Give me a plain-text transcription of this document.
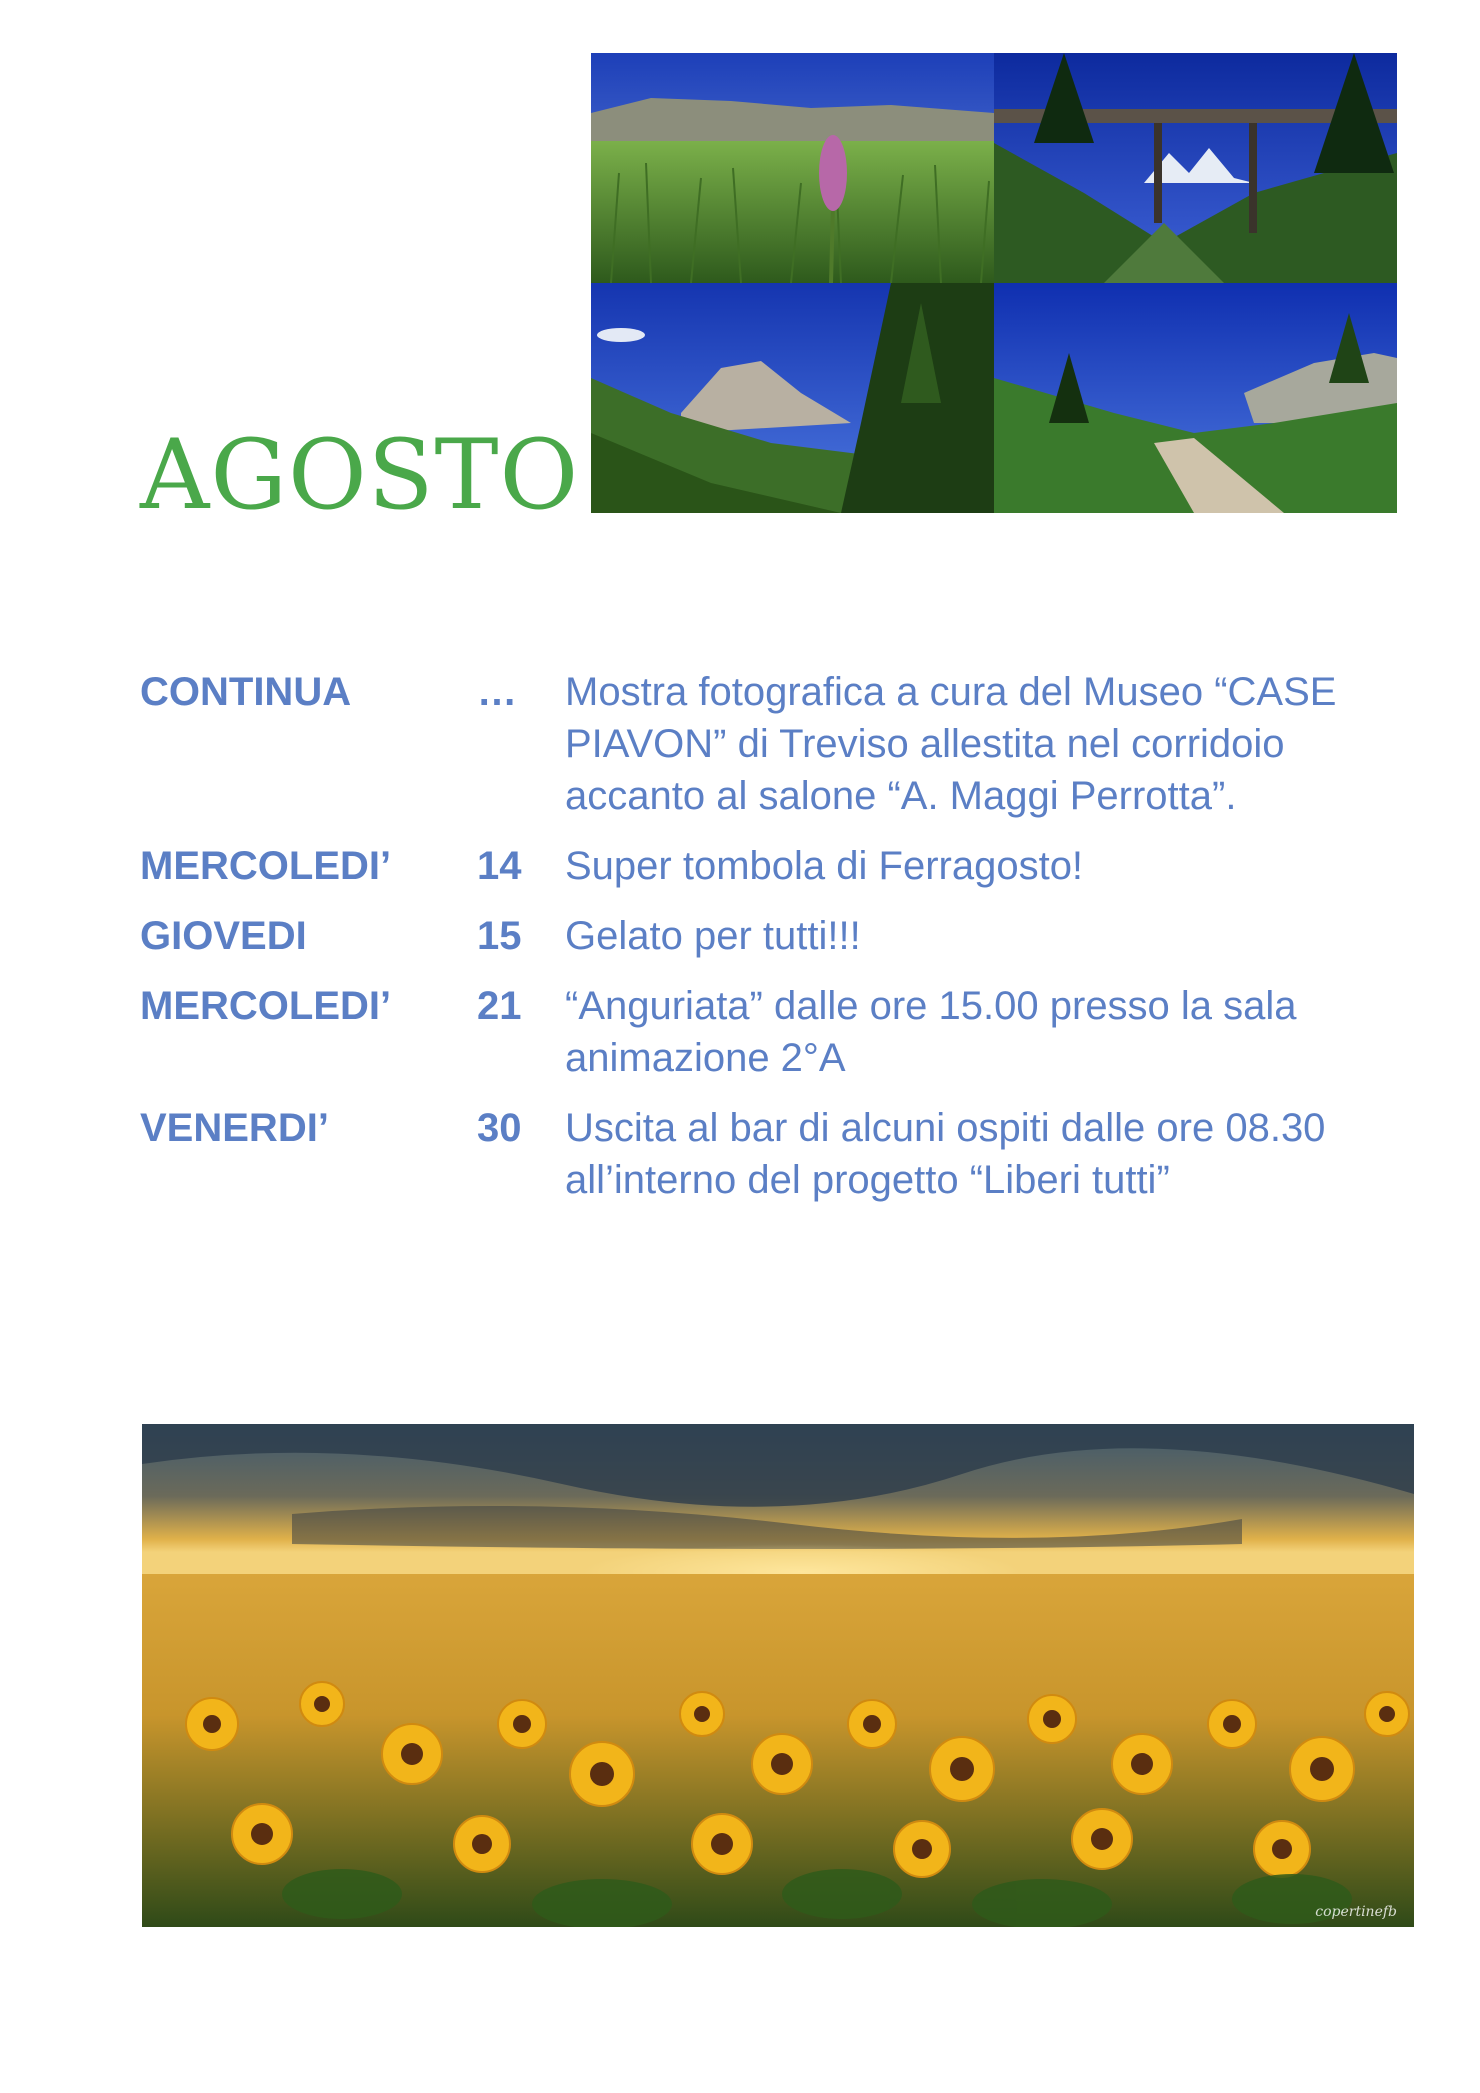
AGOSTO
CONTINUA	…	Mostra fotografica a cura del Museo “CASE PIAVON” di Treviso allestita nel corridoio accanto al salone “A. Maggi Perrotta”.
MERCOLEDI’	14	Super tombola di Ferragosto!
GIOVEDI	15	Gelato per tutti!!!
MERCOLEDI’	21	“Anguriata” dalle ore 15.00 presso la sala animazione 2°A
VENERDI’	30	Uscita al bar di alcuni ospiti dalle ore 08.30 all’interno del progetto “Liberi tutti”
copertinefb
